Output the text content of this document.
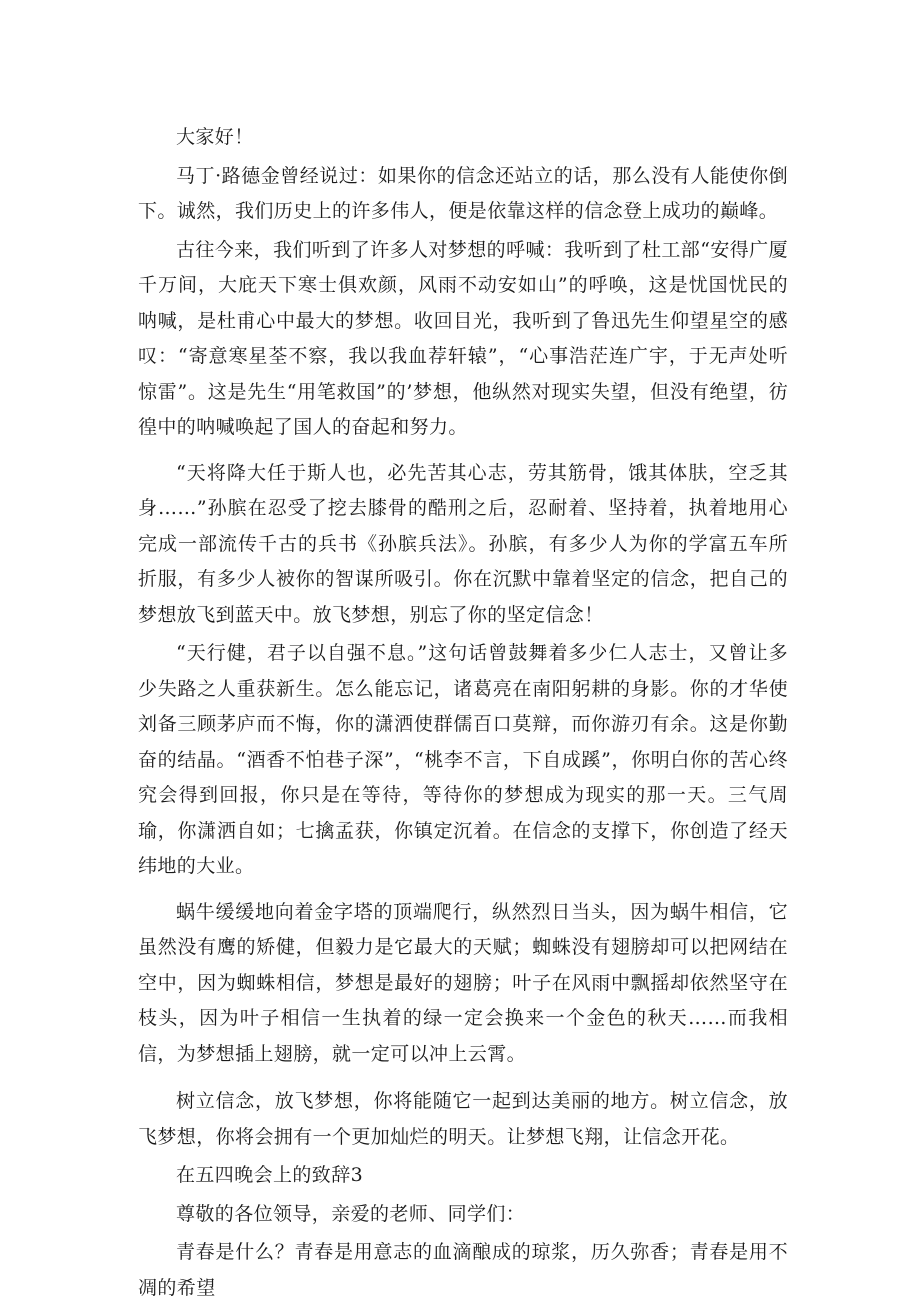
大家好！

马丁·路德金曾经说过：如果你的信念还站立的话，那么没有人能使你倒下。诚然，我们历史上的许多伟人，便是依靠这样的信念登上成功的巅峰。

古往今来，我们听到了许多人对梦想的呼喊：我听到了杜工部“安得广厦千万间，大庇天下寒士俱欢颜，风雨不动安如山”的呼唤，这是忧国忧民的呐喊，是杜甫心中最大的梦想。收回目光，我听到了鲁迅先生仰望星空的感叹：“寄意寒星荃不察，我以我血荐轩辕”，“心事浩茫连广宇，于无声处听惊雷”。这是先生“用笔救国”的’梦想，他纵然对现实失望，但没有绝望，彷徨中的呐喊唤起了国人的奋起和努力。

“天将降大任于斯人也，必先苦其心志，劳其筋骨，饿其体肤，空乏其身……”孙膑在忍受了挖去膝骨的酷刑之后，忍耐着、坚持着，执着地用心完成一部流传千古的兵书《孙膑兵法》。孙膑，有多少人为你的学富五车所折服，有多少人被你的智谋所吸引。你在沉默中靠着坚定的信念，把自己的梦想放飞到蓝天中。放飞梦想，别忘了你的坚定信念！

“天行健，君子以自强不息。”这句话曾鼓舞着多少仁人志士，又曾让多少失路之人重获新生。怎么能忘记，诸葛亮在南阳躬耕的身影。你的才华使刘备三顾茅庐而不悔，你的潇洒使群儒百口莫辩，而你游刃有余。这是你勤奋的结晶。“酒香不怕巷子深”，“桃李不言，下自成蹊”，你明白你的苦心终究会得到回报，你只是在等待，等待你的梦想成为现实的那一天。三气周瑜，你潇洒自如；七擒孟获，你镇定沉着。在信念的支撑下，你创造了经天纬地的大业。

蜗牛缓缓地向着金字塔的顶端爬行，纵然烈日当头，因为蜗牛相信，它虽然没有鹰的矫健，但毅力是它最大的天赋；蜘蛛没有翅膀却可以把网结在空中，因为蜘蛛相信，梦想是最好的翅膀；叶子在风雨中飘摇却依然坚守在枝头，因为叶子相信一生执着的绿一定会换来一个金色的秋天……而我相信，为梦想插上翅膀，就一定可以冲上云霄。

树立信念，放飞梦想，你将能随它一起到达美丽的地方。树立信念，放飞梦想，你将会拥有一个更加灿烂的明天。让梦想飞翔，让信念开花。

在五四晚会上的致辞3

尊敬的各位领导，亲爱的老师、同学们：

青春是什么？青春是用意志的血滴酿成的琼浆，历久弥香；青春是用不凋的希望
